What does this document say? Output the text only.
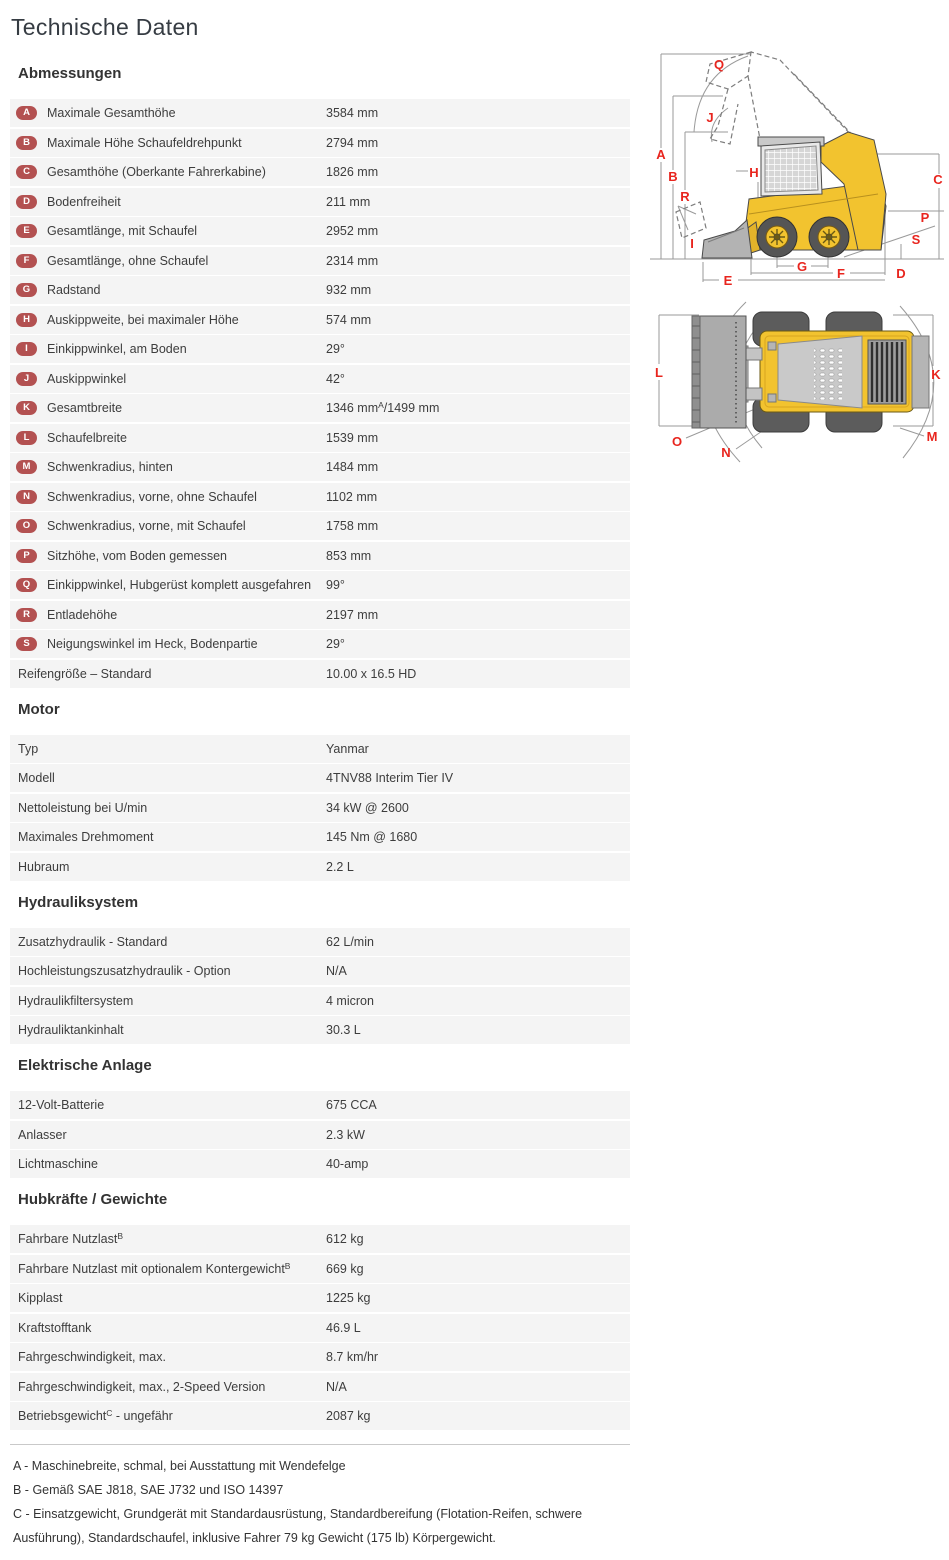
Technische Daten
Abmessungen
A	Maximale Gesamthöhe	3584 mm
B	Maximale Höhe Schaufeldrehpunkt	2794 mm
C	Gesamthöhe (Oberkante Fahrerkabine)	1826 mm
D	Bodenfreiheit	211 mm
E	Gesamtlänge, mit Schaufel	2952 mm
F	Gesamtlänge, ohne Schaufel	2314 mm
G	Radstand	932 mm
H	Auskippweite, bei maximaler Höhe	574 mm
I	Einkippwinkel, am Boden	29°
J	Auskippwinkel	42°
K	Gesamtbreite	1346 $mm^A/1499$ mm
L	Schaufelbreite	1539 mm
M	Schwenkradius, hinten	1484 mm
N	Schwenkradius, vorne, ohne Schaufel	1102 mm
O	Schwenkradius, vorne, mit Schaufel	1758 mm
P	Sitzhöhe, vom Boden gemessen	853 mm
Q	Einkippwinkel, Hubgerüst komplett ausgefahren 99°
R	Entladehöhe	2197 mm
S	Neigungswinkel im Heck, Bodenpartie	29°
Reifengröße – Standard	10.00 x 16.5 HD
Motor
Typ	Yanmar
Modell	4TNV88 Interim Tier IV
Nettoleistung bei U/min	34 kW @ 2600
Maximales Drehmoment	145 Nm @ 1680
Hubraum	2.2 L
Hydrauliksystem
Zusatzhydraulik - Standard	62 L/min
Hochleistungszusatzhydraulik - Option	N/A
Hydraulikfiltersystem	4 micron
Hydrauliktankinhalt	30.3 L
Elektrische Anlage
12-Volt-Batterie	675 CCA
Anlasser	2.3 kW
Lichtmaschine	40-amp
Hubkräfte / Gewichte
Fahrbare Nutzlast$^B$	612 kg
Fahrbare Nutzlast mit optionalem Kontergewicht$^B$	669 kg
Kipplast	1225 kg
Kraftstofftank	46.9 L
Fahrgeschwindigkeit, max.	8.7 km/hr
Fahrgeschwindigkeit, max., 2-Speed Version	N/A
Betriebsgewicht$^C$ - ungefähr	2087 kg

A - Maschinebreite, schmal, bei Ausstattung mit Wendefelge

B - Gemäß SAE J818, SAE J732 und ISO 14397

C - Einsatzgewicht, Grundgerät mit Standardausrüstung, Standardbereifung (Flotation-Reifen, schwere Ausführung), Standardschaufel, inklusive Fahrer 79 kg Gewicht (175 lb) Körpergewicht.

Q
J
A
B
R
H
I
E
G F	D
S
P
C
L	K
O
N
M
